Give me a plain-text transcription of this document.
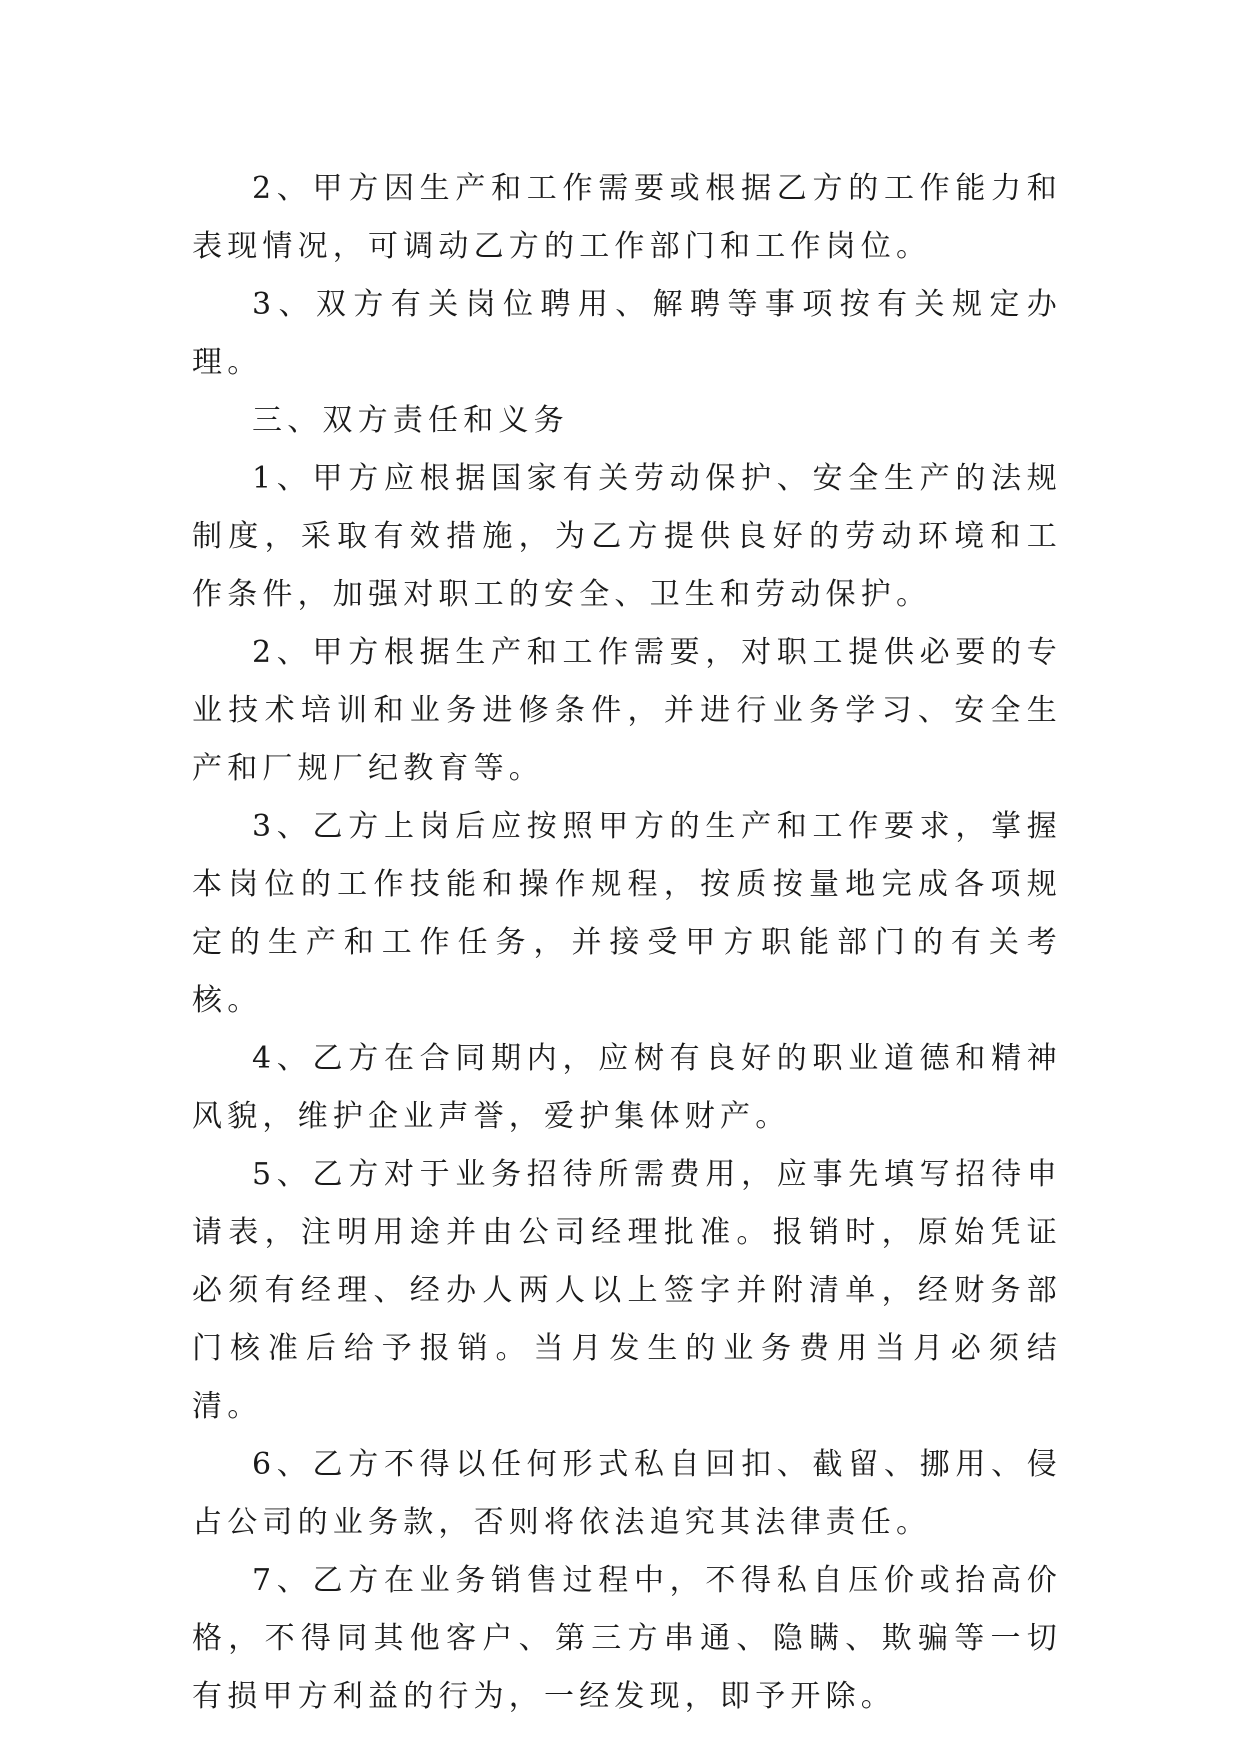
2、甲方因生产和工作需要或根据乙方的工作能力和表现情况，可调动乙方的工作部门和工作岗位。

3、双方有关岗位聘用、解聘等事项按有关规定办理。

三、双方责任和义务

1、甲方应根据国家有关劳动保护、安全生产的法规制度，采取有效措施，为乙方提供良好的劳动环境和工作条件，加强对职工的安全、卫生和劳动保护。

2、甲方根据生产和工作需要，对职工提供必要的专业技术培训和业务进修条件，并进行业务学习、安全生产和厂规厂纪教育等。

3、乙方上岗后应按照甲方的生产和工作要求，掌握本岗位的工作技能和操作规程，按质按量地完成各项规定的生产和工作任务，并接受甲方职能部门的有关考核。

4、乙方在合同期内，应树有良好的职业道德和精神风貌，维护企业声誉，爱护集体财产。

5、乙方对于业务招待所需费用，应事先填写招待申请表，注明用途并由公司经理批准。报销时，原始凭证必须有经理、经办人两人以上签字并附清单，经财务部门核准后给予报销。当月发生的业务费用当月必须结清。

6、乙方不得以任何形式私自回扣、截留、挪用、侵占公司的业务款，否则将依法追究其法律责任。

7、乙方在业务销售过程中，不得私自压价或抬高价格，不得同其他客户、第三方串通、隐瞒、欺骗等一切有损甲方利益的行为，一经发现，即予开除。
